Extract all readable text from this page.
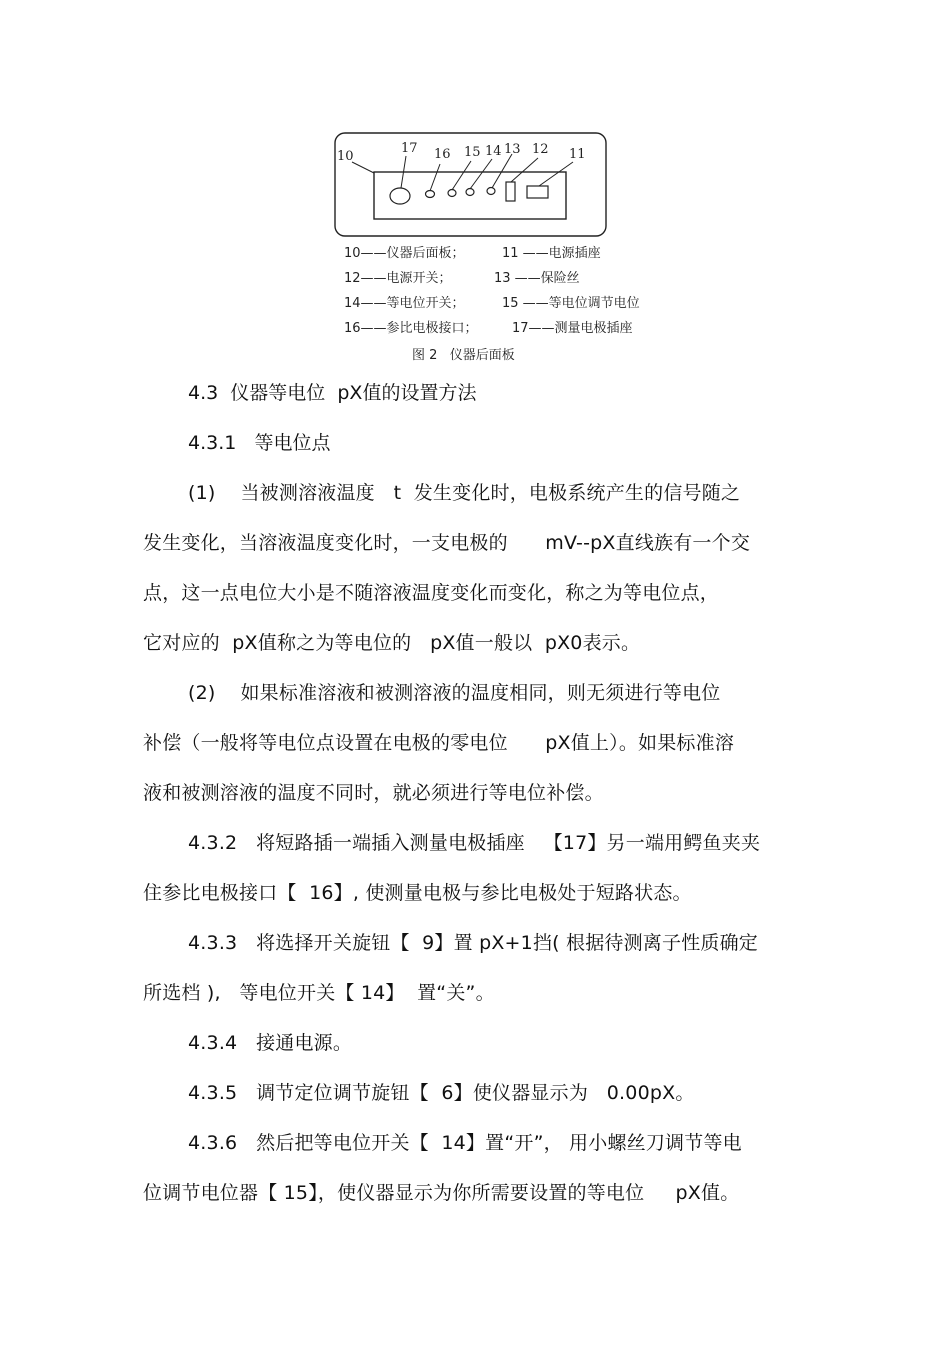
17 16 15 14 13 12 11
10
10——仪器后面板；	11 ——电源插座
12——电源开关；	13 ——保险丝
14——等电位开关；	15 ——等电位调节电位
16——参比电极接口；	17——测量电极插座
图 2   仪器后面板
4.3  仪器等电位  pX值的设置方法
4.3.1   等电位点
(1)    当被测溶液温度   t  发生变化时，电极系统产生的信号随之
发生变化，当溶液温度变化时，一支电极的      mV--pX直线族有一个交
点，这一点电位大小是不随溶液温度变化而变化，称之为等电位点，
它对应的  pX值称之为等电位的   pX值一般以  pX0表示。
(2)    如果标准溶液和被测溶液的温度相同，则无须进行等电位
补偿（一般将等电位点设置在电极的零电位      pX值上）。如果标准溶
液和被测溶液的温度不同时，就必须进行等电位补偿。
4.3.2   将短路插一端插入测量电极插座   【17】另一端用鳄鱼夹夹
住参比电极接口【  16】, 使测量电极与参比电极处于短路状态。
4.3.3   将选择开关旋钮【  9】置 pX+1挡( 根据待测离子性质确定
所选档 ),   等电位开关【 14】  置“关”。
4.3.4   接通电源。
4.3.5   调节定位调节旋钮【  6】使仪器显示为   0.00pX。
4.3.6   然后把等电位开关【  14】置“开”， 用小螺丝刀调节等电
位调节电位器【 15】，使仪器显示为你所需要设置的等电位     pX值。
